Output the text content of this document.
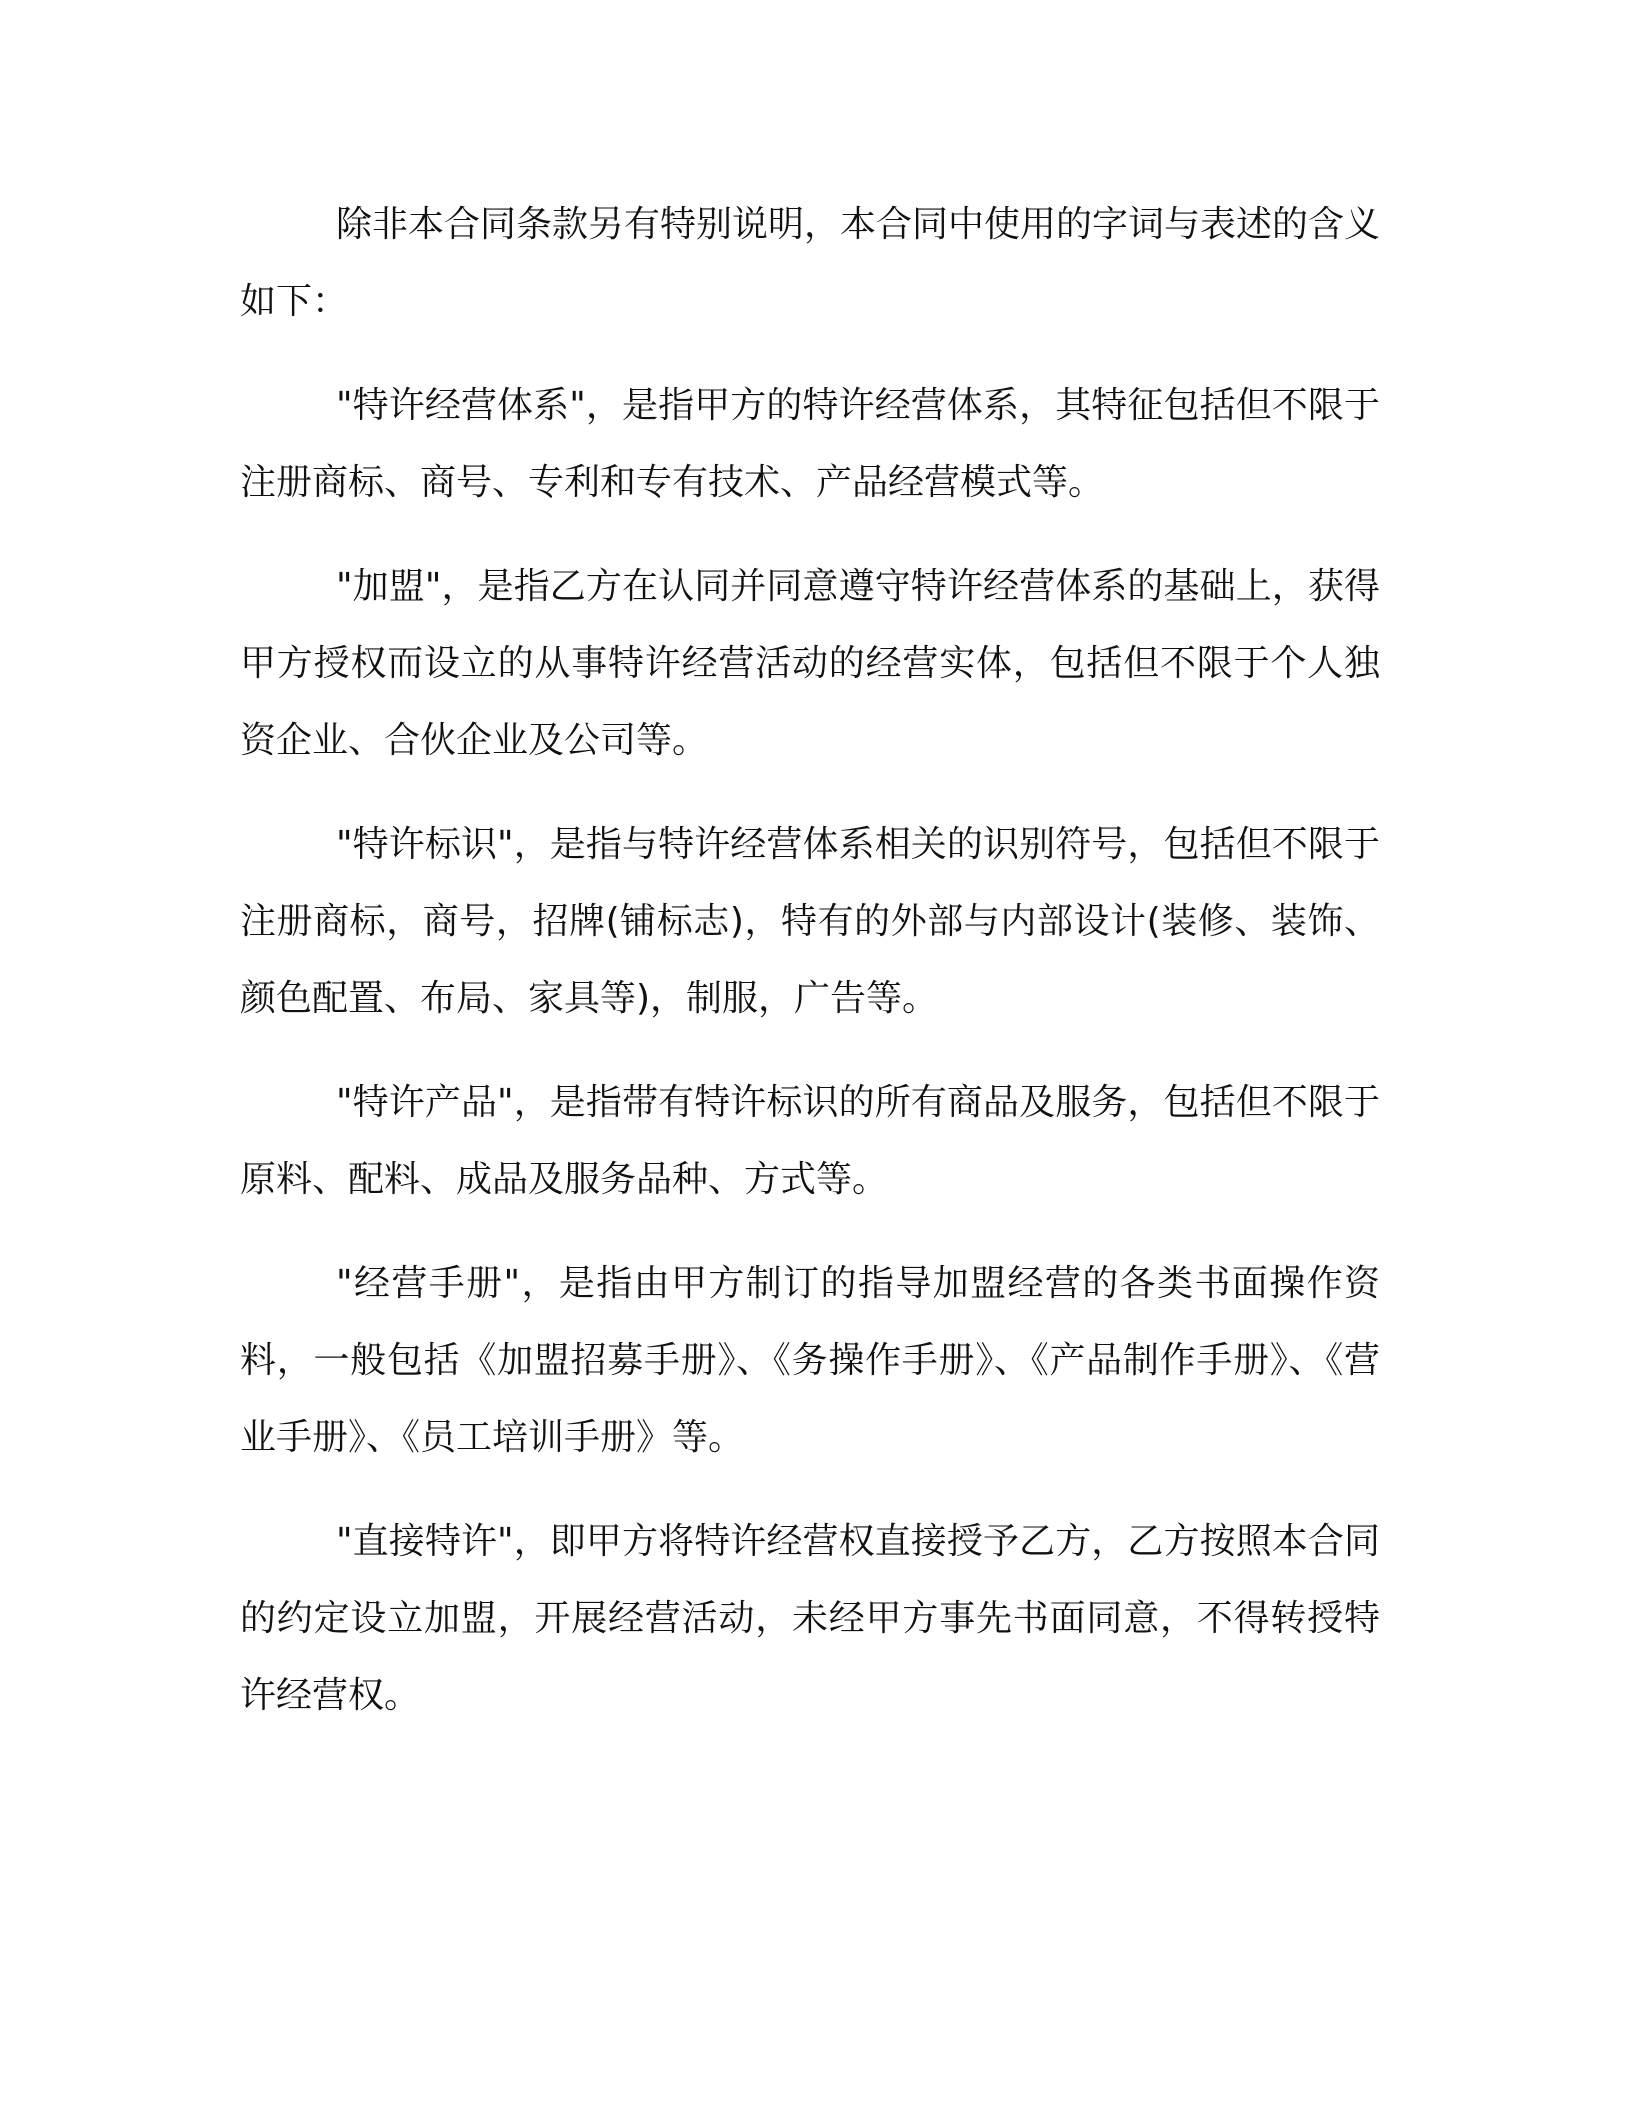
除非本合同条款另有特别说明，本合同中使用的字词与表述的含义如下：

"特许经营体系"，是指甲方的特许经营体系，其特征包括但不限于注册商标、商号、专利和专有技术、产品经营模式等。

"加盟"，是指乙方在认同并同意遵守特许经营体系的基础上，获得甲方授权而设立的从事特许经营活动的经营实体，包括但不限于个人独资企业、合伙企业及公司等。

"特许标识"，是指与特许经营体系相关的识别符号，包括但不限于注册商标，商号，招牌(铺标志)，特有的外部与内部设计(装修、装饰、颜色配置、布局、家具等)，制服，广告等。

"特许产品"，是指带有特许标识的所有商品及服务，包括但不限于原料、配料、成品及服务品种、方式等。

"经营手册"，是指由甲方制订的指导加盟经营的各类书面操作资料，一般包括《加盟招募手册》、《务操作手册》、《产品制作手册》、《营业手册》、《员工培训手册》等。

"直接特许"，即甲方将特许经营权直接授予乙方，乙方按照本合同的约定设立加盟，开展经营活动，未经甲方事先书面同意，不得转授特许经营权。
